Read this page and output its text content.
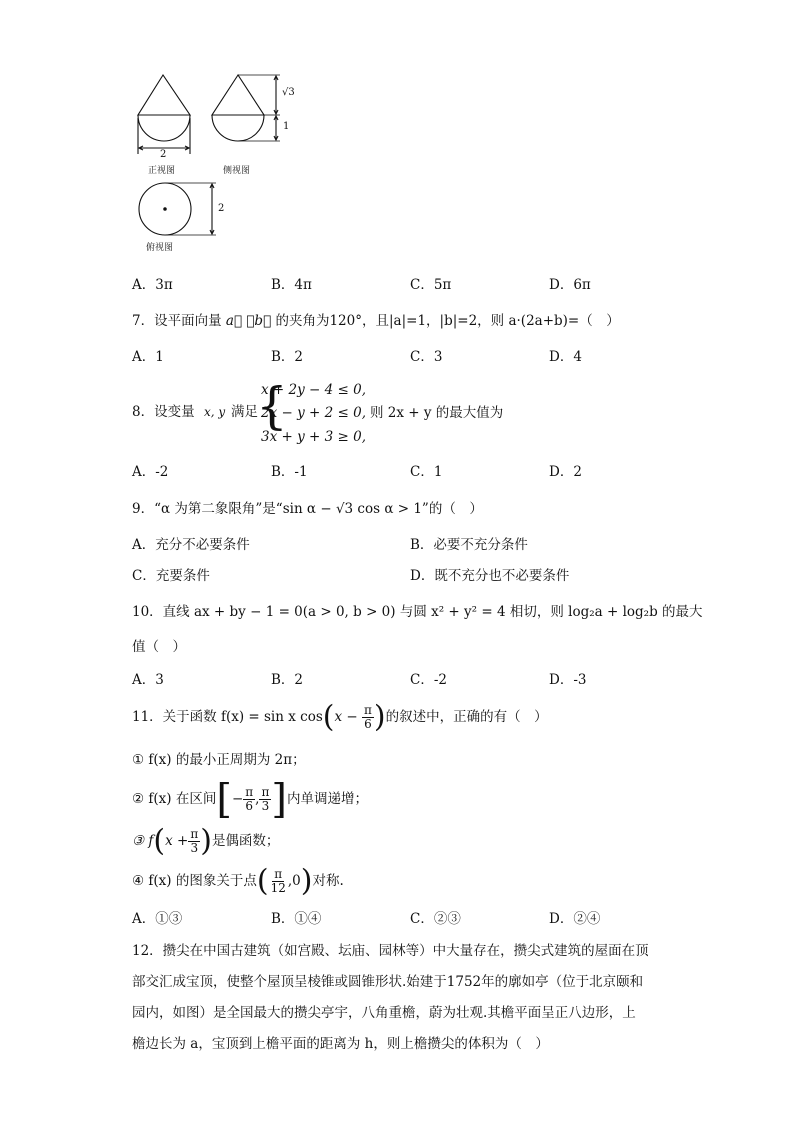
2
正视图
√3
1
侧视图
2
俯视图
A．3π	B．4π	C．5π	D．6π
7．设平面向量 a⃗ ，b⃗ 的夹角为120°，且|a|=1，|b|=2，则 a·(2a+b)=（　）
A．1	B．2	C．3	D．4
8．设变量 x, y 满足
{
x + 2y − 4 ≤ 0,
2x − y + 2 ≤ 0,
3x + y + 3 ≥ 0,
则 2x + y 的最大值为
A．-2	B．-1	C．1	D．2
9．“α 为第二象限角”是“sin α − √3 cos α > 1”的（　）
A．充分不必要条件	B．必要不充分条件
C．充要条件	D．既不充分也不必要条件
10．直线 ax + by − 1 = 0(a > 0, b > 0) 与圆 x² + y² = 4 相切，则 log₂a + log₂b 的最大
值（　）
A．3	B．2	C．-2	D．-3
11．关于函数 f(x) = sin x $\cos(x - \frac{\pi}{6}$ )的叙述中，正确的有（　）
① f(x) 的最小正周期为 2π；
② f(x) 在区间[− $\frac{\pi}{6}$ , $\frac{\pi}{3}$ ]内单调递增；
③ $f(x + \frac{\pi}{3}$ )是偶函数；
④ f(x) 的图象关于点( $\frac{\pi}{12} ,0$)对称.
A．①③	B．①④	C．②③	D．②④
12．攒尖在中国古建筑（如宫殿、坛庙、园林等）中大量存在，攒尖式建筑的屋面在顶
部交汇成宝顶，使整个屋顶呈棱锥或圆锥形状.始建于1752年的廓如亭（位于北京颐和
园内，如图）是全国最大的攒尖亭宇，八角重檐，蔚为壮观.其檐平面呈正八边形，上
檐边长为 a，宝顶到上檐平面的距离为 h，则上檐攒尖的体积为（　）
